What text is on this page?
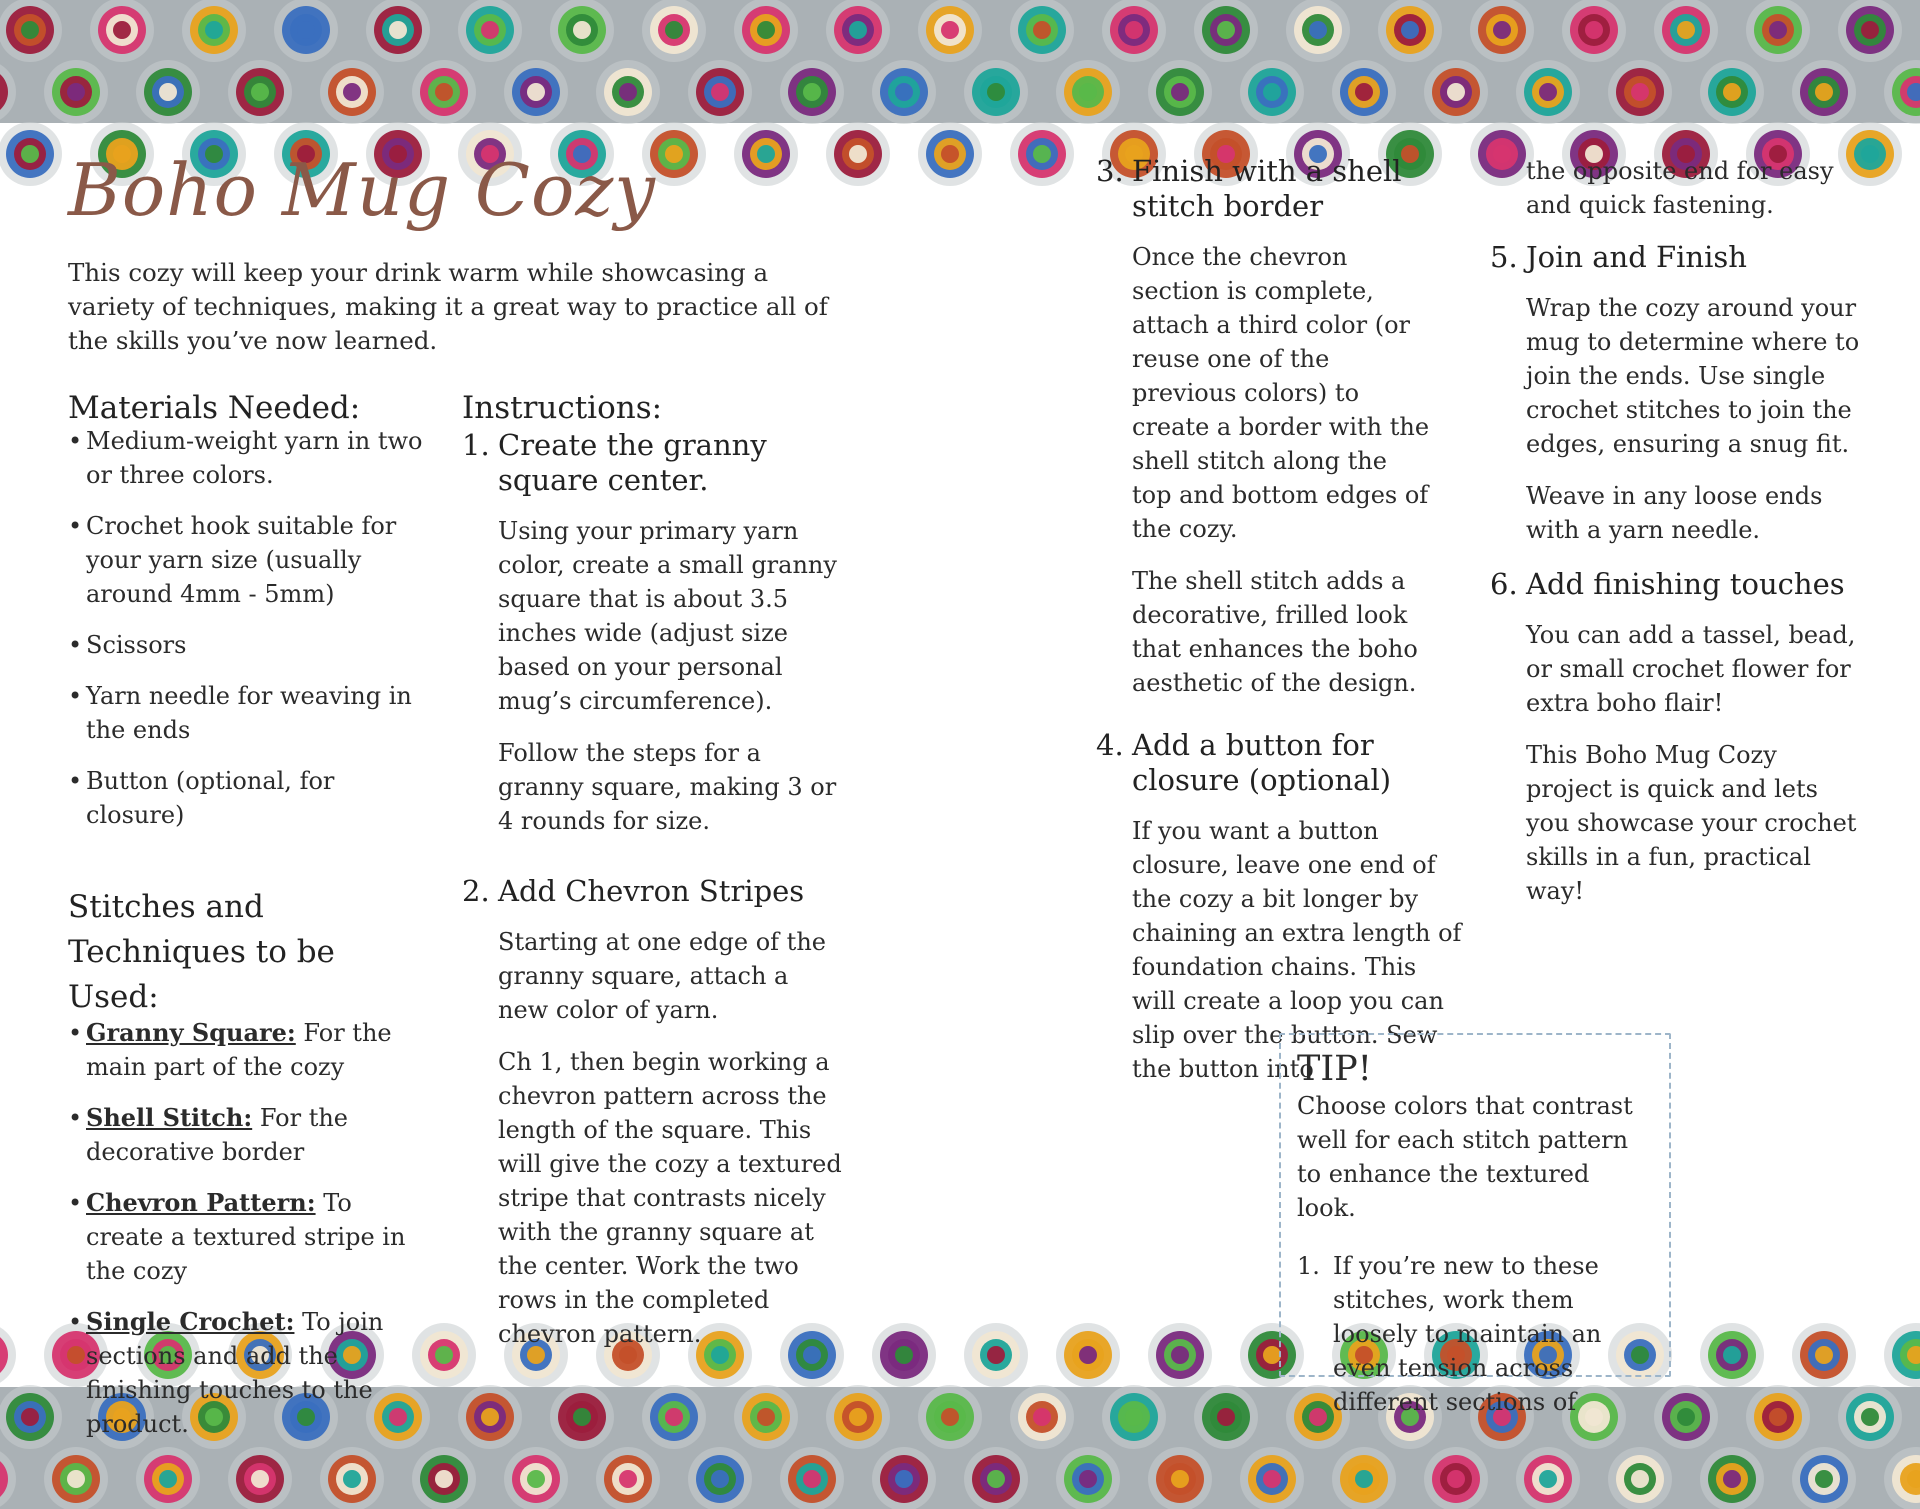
Boho Mug Cozy

This cozy will keep your drink warm while showcasing a variety of techniques, making it a great way to practice all of the skills you’ve now learned.

Materials Needed:
• Medium-weight yarn in two or three colors.
• Crochet hook suitable for your yarn size (usually around 4mm - 5mm)
• Scissors
• Yarn needle for weaving in the ends
• Button (optional, for closure)
Stitches and Techniques to be Used:
• Granny Square: For the main part of the cozy
• Shell Stitch: For the decorative border
• Chevron Pattern: To create a textured stripe in the cozy
• Single Crochet: To join sections and add the finishing touches to the product.
Instructions:
1. Create the granny square center.

Using your primary yarn color, create a small granny square that is about 3.5 inches wide (adjust size based on your personal mug’s circumference).

Follow the steps for a granny square, making 3 or 4 rounds for size.

2. Add Chevron Stripes

Starting at one edge of the granny square, attach a new color of yarn.

Ch 1, then begin working a chevron pattern across the length of the square. This will give the cozy a textured stripe that contrasts nicely with the granny square at the center. Work the two rows in the completed chevron pattern.

3. Finish with a shell stitch border

Once the chevron section is complete, attach a third color (or reuse one of the previous colors) to create a border with the shell stitch along the top and bottom edges of the cozy.

The shell stitch adds a decorative, frilled look that enhances the boho aesthetic of the design.

4. Add a button for closure (optional)

If you want a button closure, leave one end of the cozy a bit longer by chaining an extra length of foundation chains. This will create a loop you can slip over the button. Sew the button into

the opposite end for easy and quick fastening.

5. Join and Finish

Wrap the cozy around your mug to determine where to join the ends. Use single crochet stitches to join the edges, ensuring a snug fit.

Weave in any loose ends with a yarn needle.

6. Add finishing touches

You can add a tassel, bead, or small crochet flower for extra boho flair!

This Boho Mug Cozy project is quick and lets you showcase your crochet skills in a fun, practical way!

TIP!

Choose colors that contrast well for each stitch pattern to enhance the textured look.

1. If you’re new to these stitches, work them loosely to maintain an even tension across different sections of
